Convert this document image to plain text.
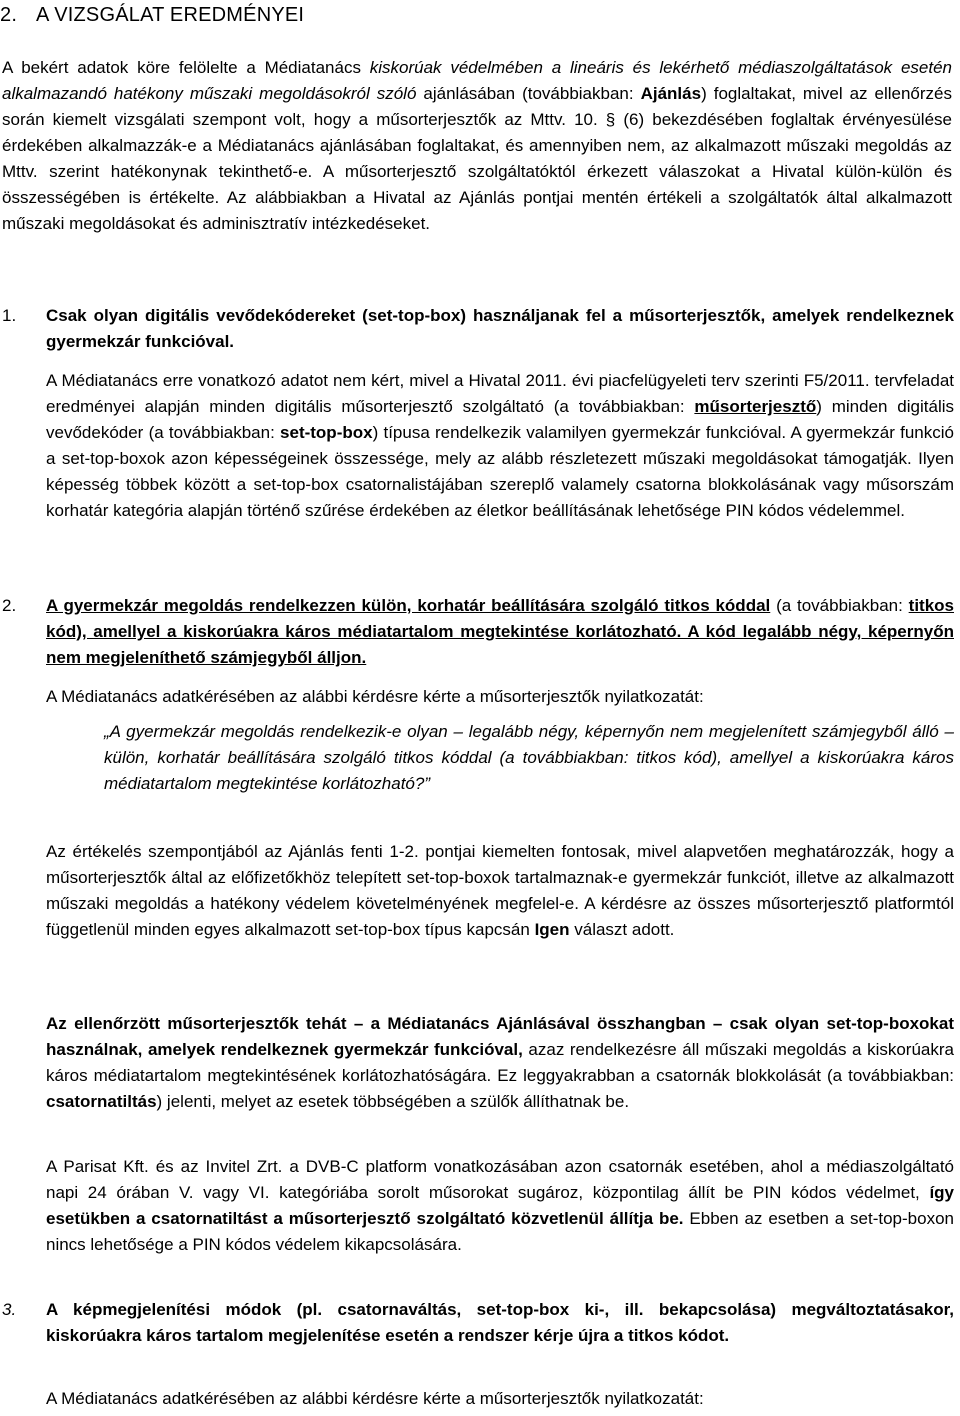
2. A VIZSGÁLAT EREDMÉNYEI

A bekért adatok köre felölelte a Médiatanács kiskorúak védelmében a lineáris és lekérhető médiaszolgáltatások esetén alkalmazandó hatékony műszaki megoldásokról szóló ajánlásában (továbbiakban: Ajánlás) foglaltakat, mivel az ellenőrzés során kiemelt vizsgálati szempont volt, hogy a műsorterjesztők az Mttv. 10. § (6) bekezdésében foglaltak érvényesülése érdekében alkalmazzák-e a Médiatanács ajánlásában foglaltakat, és amennyiben nem, az alkalmazott műszaki megoldás az Mttv. szerint hatékonynak tekinthető-e. A műsorterjesztő szolgáltatóktól érkezett válaszokat a Hivatal külön-külön és összességében is értékelte. Az alábbiakban a Hivatal az Ajánlás pontjai mentén értékeli a szolgáltatók által alkalmazott műszaki megoldásokat és adminisztratív intézkedéseket.

1. Csak olyan digitális vevődekódereket (set-top-box) használjanak fel a műsorterjesztők, amelyek rendelkeznek gyermekzár funkcióval.

A Médiatanács erre vonatkozó adatot nem kért, mivel a Hivatal 2011. évi piacfelügyeleti terv szerinti F5/2011. tervfeladat eredményei alapján minden digitális műsorterjesztő szolgáltató (a továbbiakban: műsorterjesztő) minden digitális vevődekóder (a továbbiakban: set-top-box) típusa rendelkezik valamilyen gyermekzár funkcióval. A gyermekzár funkció a set-top-boxok azon képességeinek összessége, mely az alább részletezett műszaki megoldásokat támogatják. Ilyen képesség többek között a set-top-box csatornalistájában szereplő valamely csatorna blokkolásának vagy műsorszám korhatár kategória alapján történő szűrése érdekében az életkor beállításának lehetősége PIN kódos védelemmel.

2. A gyermekzár megoldás rendelkezzen külön, korhatár beállítására szolgáló titkos kóddal (a továbbiakban: titkos kód), amellyel a kiskorúakra káros médiatartalom megtekintése korlátozható. A kód legalább négy, képernyőn nem megjeleníthető számjegyből álljon.

A Médiatanács adatkérésében az alábbi kérdésre kérte a műsorterjesztők nyilatkozatát:

„A gyermekzár megoldás rendelkezik-e olyan – legalább négy, képernyőn nem megjelenített számjegyből álló – külön, korhatár beállítására szolgáló titkos kóddal (a továbbiakban: titkos kód), amellyel a kiskorúakra káros médiatartalom megtekintése korlátozható?”

Az értékelés szempontjából az Ajánlás fenti 1-2. pontjai kiemelten fontosak, mivel alapvetően meghatározzák, hogy a műsorterjesztők által az előfizetőkhöz telepített set-top-boxok tartalmaznak-e gyermekzár funkciót, illetve az alkalmazott műszaki megoldás a hatékony védelem követelményének megfelel-e. A kérdésre az összes műsorterjesztő platformtól függetlenül minden egyes alkalmazott set-top-box típus kapcsán Igen választ adott.

Az ellenőrzött műsorterjesztők tehát – a Médiatanács Ajánlásával összhangban – csak olyan set-top-boxokat használnak, amelyek rendelkeznek gyermekzár funkcióval, azaz rendelkezésre áll műszaki megoldás a kiskorúakra káros médiatartalom megtekintésének korlátozhatóságára. Ez leggyakrabban a csatornák blokkolását (a továbbiakban: csatornatiltás) jelenti, melyet az esetek többségében a szülők állíthatnak be.

A Parisat Kft. és az Invitel Zrt. a DVB-C platform vonatkozásában azon csatornák esetében, ahol a médiaszolgáltató napi 24 órában V. vagy VI. kategóriába sorolt műsorokat sugároz, központilag állít be PIN kódos védelmet, így esetükben a csatornatiltást a műsorterjesztő szolgáltató közvetlenül állítja be. Ebben az esetben a set-top-boxon nincs lehetősége a PIN kódos védelem kikapcsolására.

3. A képmegjelenítési módok (pl. csatornaváltás, set-top-box ki-, ill. bekapcsolása) megváltoztatásakor, kiskorúakra káros tartalom megjelenítése esetén a rendszer kérje újra a titkos kódot.

A Médiatanács adatkérésében az alábbi kérdésre kérte a műsorterjesztők nyilatkozatát:
